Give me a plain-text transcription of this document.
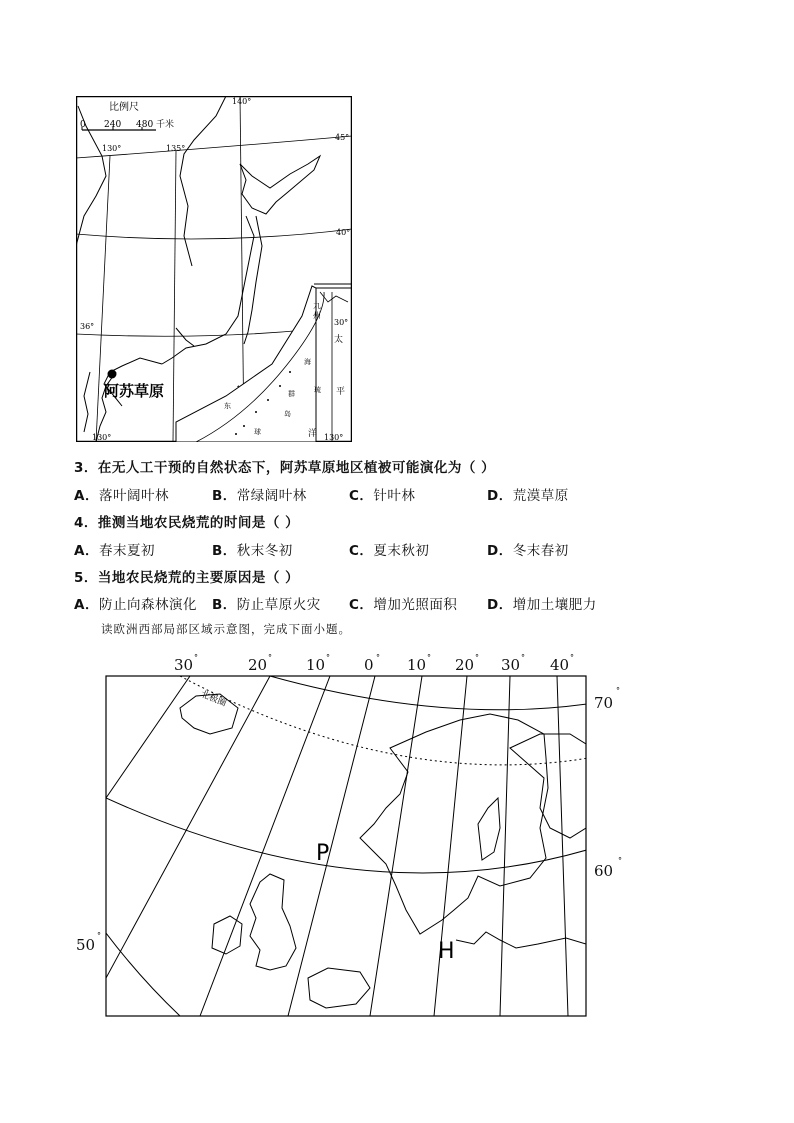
比例尺
0 240 480 千米
140°
135°
130°
130°	130°
45°
40°
36°	30°
九
州
太
平
洋
东
海
琉
球
群
岛
阿苏草原
3．在无人工干预的自然状态下，阿苏草原地区植被可能演化为（ ）
A．落叶阔叶林	B．常绿阔叶林	C．针叶林	D．荒漠草原
4．推测当地农民烧荒的时间是（ ）
A．春末夏初	B．秋末冬初	C．夏末秋初	D．冬末春初
5．当地农民烧荒的主要原因是（ ）
A．防止向森林演化 B．防止草原火灾 C．增加光照面积 D．增加土壤肥力
读欧洲西部局部区域示意图，完成下面小题。
30	20	10	0 10 20 30 40
°	°	°	°	°	°	°	°
°
°
°
70
60
50
北极圈
P
H
